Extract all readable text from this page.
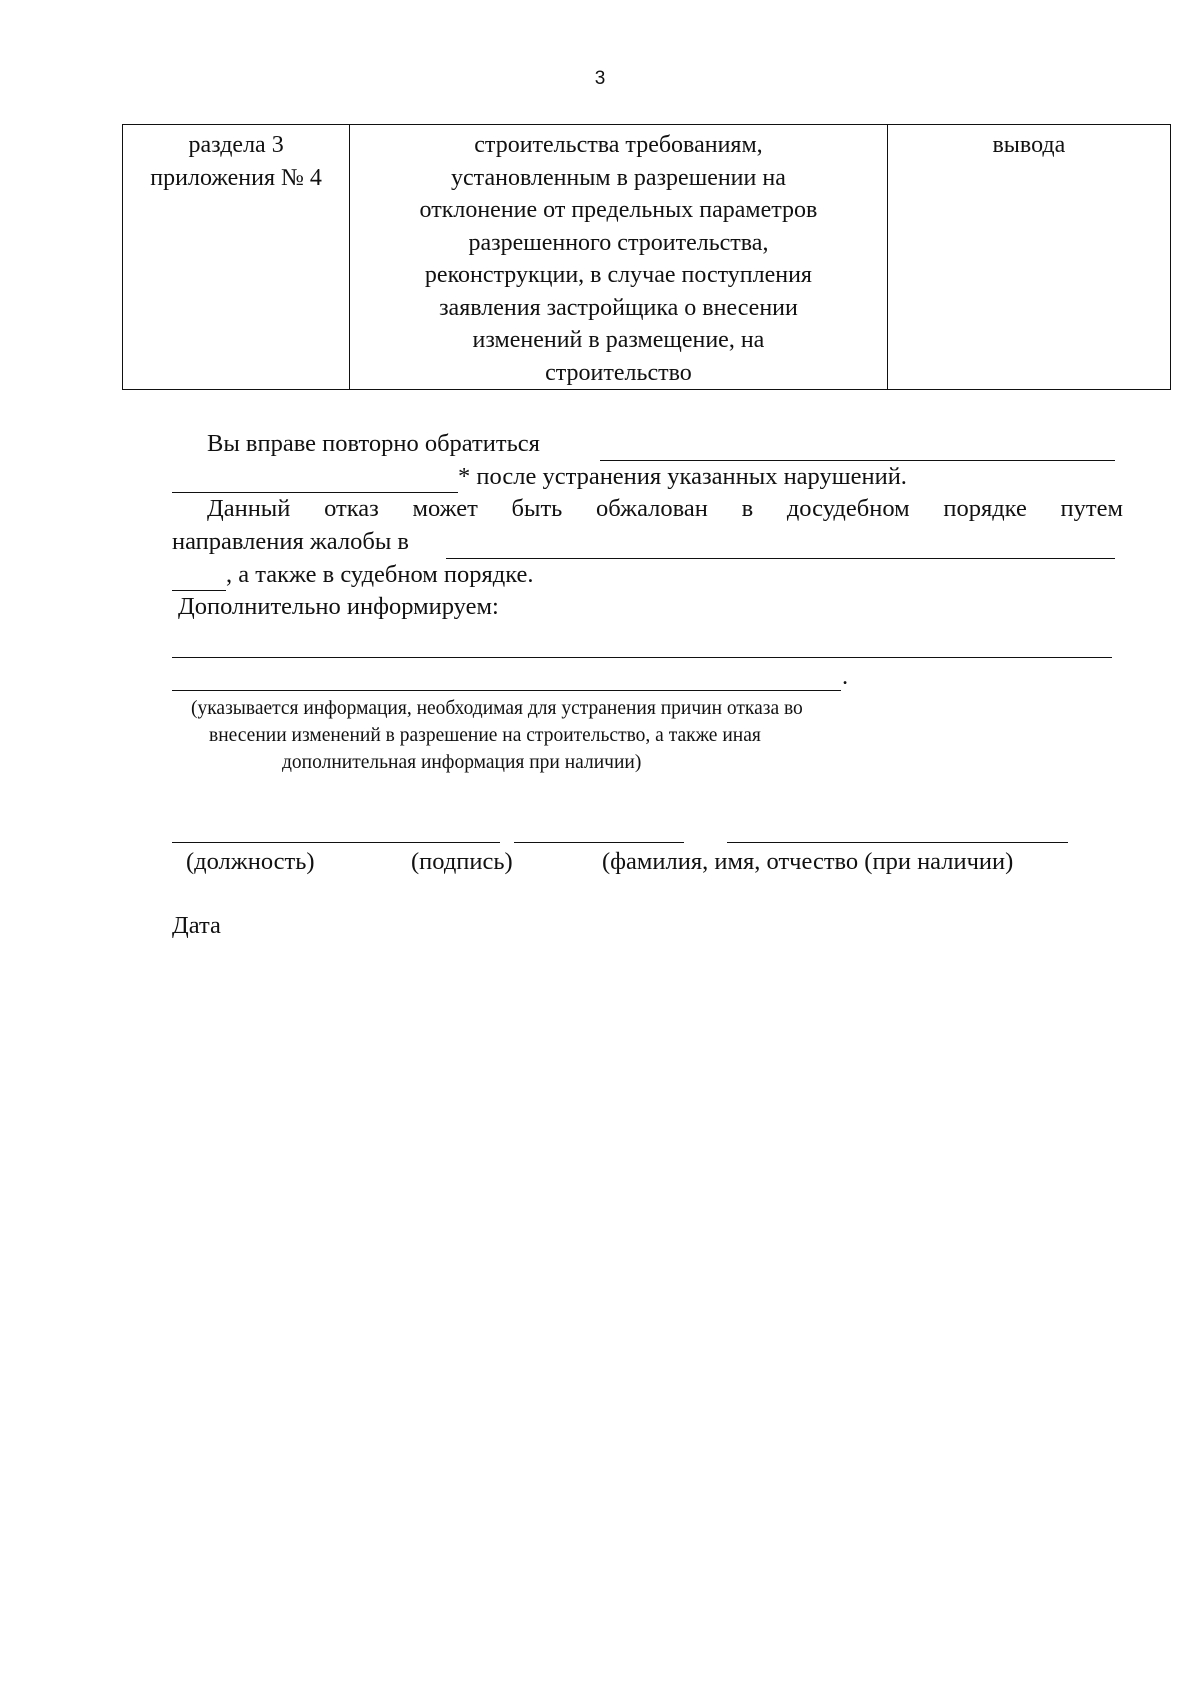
3
раздела 3
приложения № 4

строительства требованиям,
установленным в разрешении на
отклонение от предельных параметров
разрешенного строительства,
реконструкции, в случае поступления
заявления застройщика о внесении
изменений в размещение, на
строительство

вывода
Вы вправе повторно обратиться
* после устранения указанных нарушений.
Данный отказ может быть обжалован в досудебном порядке путем
направления жалобы в
, а также в судебном порядке.
Дополнительно информируем:
.
(указывается информация, необходимая для устранения причин отказа во
внесении изменений в разрешение на строительство, а также иная
дополнительная информация при наличии)
(должность)	(подпись)	(фамилия, имя, отчество (при наличии)
Дата
